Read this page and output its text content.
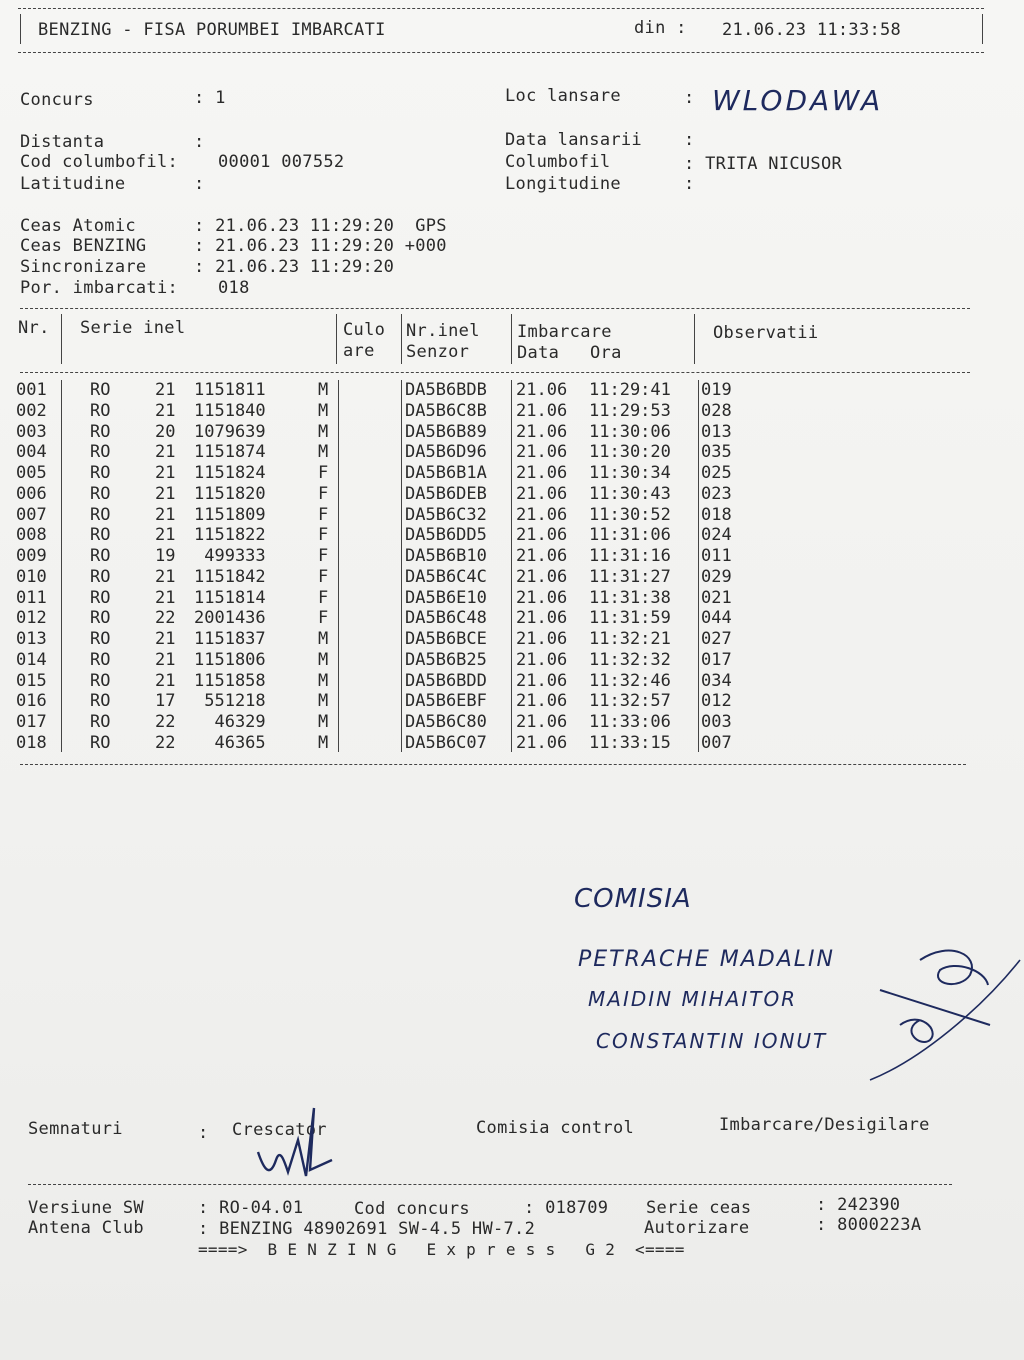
BENZING - FISA PORUMBEI IMBARCATI	din : 21.06.23 11:33:58
Concurs	: 1	Loc lansare	: WLODAWA
Distanta	:	Data lansarii :
Cod columbofil: 00001 007552	Columbofil	: TRITA NICUSOR
Latitudine	:	Longitudine	:
Ceas Atomic	: 21.06.23 11:29:20  GPS
Ceas BENZING	: 21.06.23 11:29:20 +000
Sincronizare	: 21.06.23 11:29:20
Por. imbarcati: 018
Nr. Serie inel	Culo
are
Nr.inel
Senzor
Imbarcare
Data Ora
Observatii
001	RO	21 1151811	M	DA5B6BDB 21.06 11:29:41 019
002	RO	21 1151840	M	DA5B6C8B 21.06 11:29:53 028
003	RO	20 1079639	M	DA5B6B89 21.06 11:30:06 013
004	RO	21 1151874	M	DA5B6D96 21.06 11:30:20 035
005	RO	21 1151824	F	DA5B6B1A 21.06 11:30:34 025
006	RO	21 1151820	F	DA5B6DEB 21.06 11:30:43 023
007	RO	21 1151809	F	DA5B6C32 21.06 11:30:52 018
008	RO	21 1151822	F	DA5B6DD5 21.06 11:31:06 024
009	RO	19 499333	F	DA5B6B10 21.06 11:31:16 011
010	RO	21 1151842	F	DA5B6C4C 21.06 11:31:27 029
011	RO	21 1151814	F	DA5B6E10 21.06 11:31:38 021
012	RO	22 2001436	F	DA5B6C48 21.06 11:31:59 044
013	RO	21 1151837	M	DA5B6BCE 21.06 11:32:21 027
014	RO	21 1151806	M	DA5B6B25 21.06 11:32:32 017
015	RO	21 1151858	M	DA5B6BDD 21.06 11:32:46 034
016	RO	17 551218	M	DA5B6EBF 21.06 11:32:57 012
017	RO	22 46329	M	DA5B6C80 21.06 11:33:06 003
018	RO	22 46365	M	DA5B6C07 21.06 11:33:15 007
COMISIA
PETRACHE MADALIN
MAIDIN MIHAITOR
CONSTANTIN IONUT
Semnaturi	: Crescator	Comisia control	Imbarcare/Desigilare
Versiune SW	: RO-04.01	Cod concurs	: 018709 Serie ceas	: 242390
Antena Club	: BENZING 48902691 SW-4.5 HW-7.2	Autorizare	: 8000223A
====>  B E N Z I N G   E x p r e s s   G 2  <====
